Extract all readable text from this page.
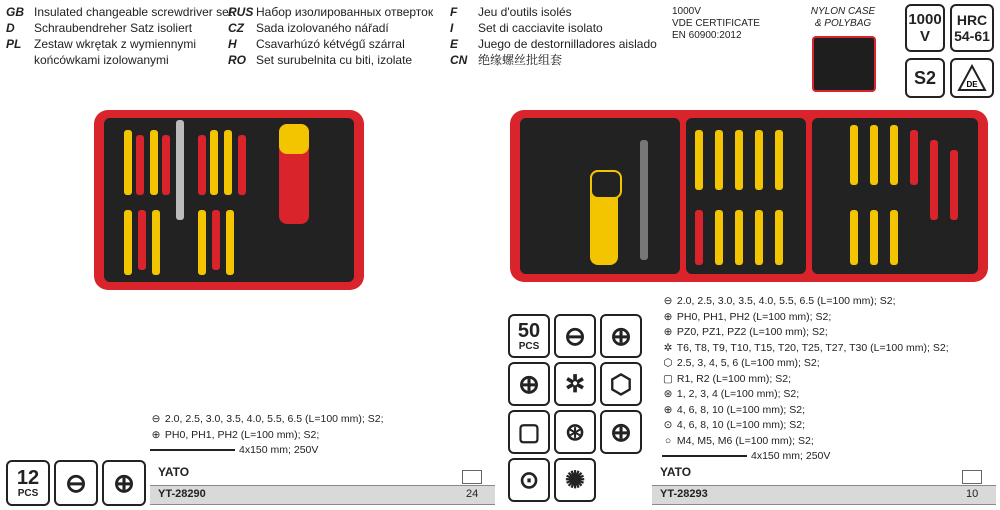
GB Insulated changeable screwdriver set
D Schraubendreher Satz isoliert
PL Zestaw wkrętak z wymiennymi
końcówkami izolowanymi
RUS Набор изолированных отверток
CZ Sada izolovaného nářadí
H Csavarhúzó kétvégű szárral
RO Set surubelnita cu biti, izolate
F Jeu d'outils isolés
I Set di cacciavite isolato
E Juego de destornilladores aislado
CN 绝缘螺丝批组套
1000V
VDE CERTIFICATE
EN 60900:2012
NYLON CASE
& POLYBAG	1000
V
HRC
54-61
S2	DE
⊖ 2.0, 2.5, 3.0, 3.5, 4.0, 5.5, 6.5 (L=100 mm); S2;
⊕ PH0, PH1, PH2 (L=100 mm); S2;
4x150 mm; 250V
12
PCS	⊖	⊕	YATO
YT-28290	24
50
PCS ⊖ ⊕
⊕	✲ ⬡
▢	⊛ ⊕
⊙	✺
⊖ 2.0, 2.5, 3.0, 3.5, 4.0, 5.5, 6.5 (L=100 mm); S2;
⊕ PH0, PH1, PH2 (L=100 mm); S2;
⊕ PZ0, PZ1, PZ2 (L=100 mm); S2;
✲ T6, T8, T9, T10, T15, T20, T25, T27, T30 (L=100 mm); S2;
⬡ 2.5, 3, 4, 5, 6 (L=100 mm); S2;
▢ R1, R2 (L=100 mm); S2;
⊛ 1, 2, 3, 4 (L=100 mm); S2;
⊕ 4, 6, 8, 10 (L=100 mm); S2;
⊙ 4, 6, 8, 10 (L=100 mm); S2;
○ M4, M5, M6 (L=100 mm); S2;
4x150 mm; 250V
YATO
YT-28293	10
